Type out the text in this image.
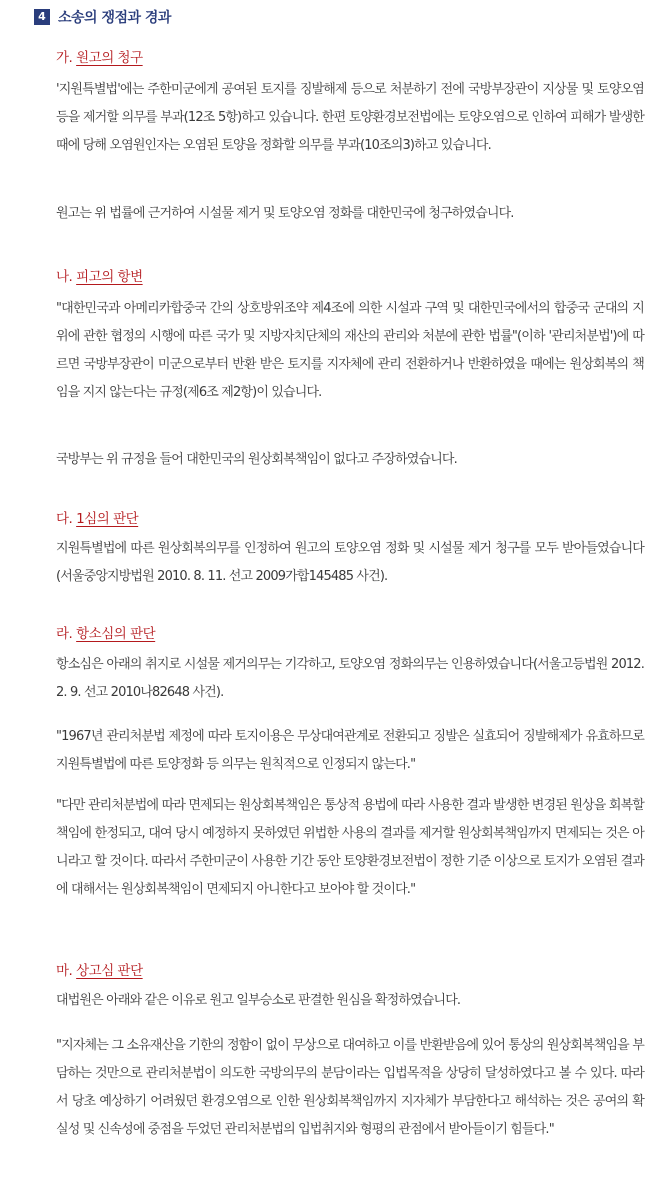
4 소송의 쟁점과 경과
가. 원고의 청구
'지원특별법'에는 주한미군에게 공여된 토지를 징발해제 등으로 처분하기 전에 국방부장관이 지상물 및 토양오염 등을 제거할 의무를 부과(12조 5항)하고 있습니다. 한편 토양환경보전법에는 토양오염으로 인하여 피해가 발생한 때에 당해 오염원인자는 오염된 토양을 정화할 의무를 부과(10조의3)하고 있습니다.
원고는 위 법률에 근거하여 시설물 제거 및 토양오염 정화를 대한민국에 청구하였습니다.
나. 피고의 항변
"대한민국과 아메리카합중국 간의 상호방위조약 제4조에 의한 시설과 구역 및 대한민국에서의 합중국 군대의 지위에 관한 협정의 시행에 따른 국가 및 지방자치단체의 재산의 관리와 처분에 관한 법률"(이하 '관리처분법')에 따르면 국방부장관이 미군으로부터 반환 받은 토지를 지자체에 관리 전환하거나 반환하였을 때에는 원상회복의 책임을 지지 않는다는 규정(제6조 제2항)이 있습니다.
국방부는 위 규정을 들어 대한민국의 원상회복책임이 없다고 주장하였습니다.
다. 1심의 판단
지원특별법에 따른 원상회복의무를 인정하여 원고의 토양오염 정화 및 시설물 제거 청구를 모두 받아들였습니다(서울중앙지방법원 2010. 8. 11. 선고 2009가합145485 사건).
라. 항소심의 판단
항소심은 아래의 취지로 시설물 제거의무는 기각하고, 토양오염 정화의무는 인용하였습니다(서울고등법원 2012. 2. 9. 선고 2010나82648 사건).
"1967년 관리처분법 제정에 따라 토지이용은 무상대여관계로 전환되고 징발은 실효되어 징발해제가 유효하므로 지원특별법에 따른 토양정화 등 의무는 원칙적으로 인정되지 않는다."
"다만 관리처분법에 따라 면제되는 원상회복책임은 통상적 용법에 따라 사용한 결과 발생한 변경된 원상을 회복할 책임에 한정되고, 대여 당시 예정하지 못하였던 위법한 사용의 결과를 제거할 원상회복책임까지 면제되는 것은 아니라고 할 것이다. 따라서 주한미군이 사용한 기간 동안 토양환경보전법이 정한 기준 이상으로 토지가 오염된 결과에 대해서는 원상회복책임이 면제되지 아니한다고 보아야 할 것이다."
마. 상고심 판단
대법원은 아래와 같은 이유로 원고 일부승소로 판결한 원심을 확정하였습니다.
"지자체는 그 소유재산을 기한의 정함이 없이 무상으로 대여하고 이를 반환받음에 있어 통상의 원상회복책임을 부담하는 것만으로 관리처분법이 의도한 국방의무의 분담이라는 입법목적을 상당히 달성하였다고 볼 수 있다. 따라서 당초 예상하기 어려웠던 환경오염으로 인한 원상회복책임까지 지자체가 부담한다고 해석하는 것은 공여의 확실성 및 신속성에 중점을 두었던 관리처분법의 입법취지와 형평의 관점에서 받아들이기 힘들다."
